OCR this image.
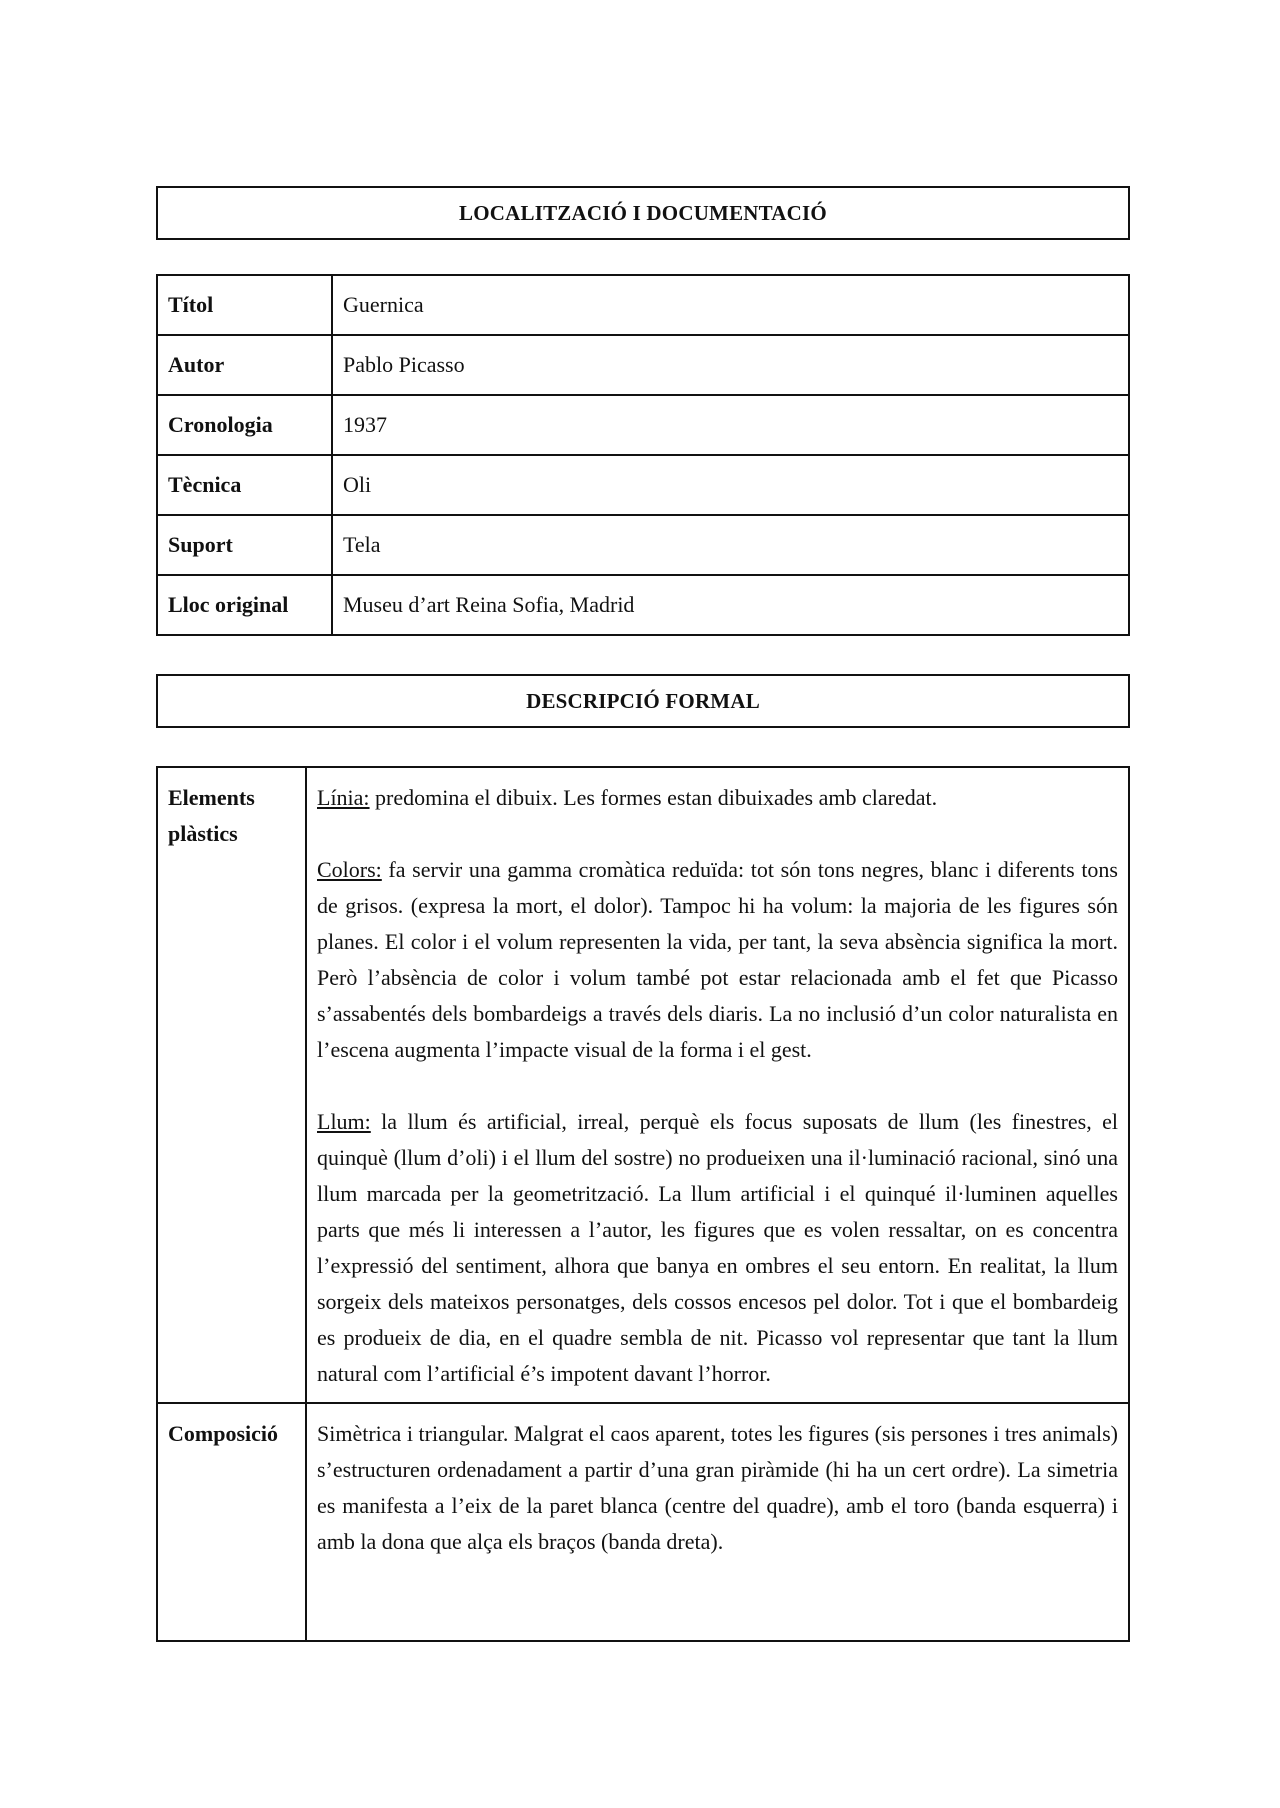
LOCALITZACIÓ I DOCUMENTACIÓ
Títol	Guernica
Autor	Pablo Picasso
Cronologia	1937
Tècnica	Oli
Suport	Tela
Lloc original	Museu d’art Reina Sofia, Madrid
DESCRIPCIÓ FORMAL
Elements plàstics	Línia: predomina el dibuix. Les formes estan dibuixades amb claredat.

Colors: fa servir una gamma cromàtica reduïda: tot són tons negres, blanc i diferents tons de grisos. (expresa la mort, el dolor). Tampoc hi ha volum: la majoria de les figures són planes. El color i el volum representen la vida, per tant, la seva absència significa la mort. Però l’absència de color i volum també pot estar relacionada amb el fet que Picasso s’assabentés dels bombardeigs a través dels diaris. La no inclusió d’un color naturalista en l’escena augmenta l’impacte visual de la forma i el gest.

Llum: la llum és artificial, irreal, perquè els focus suposats de llum (les finestres, el quinquè (llum d’oli) i el llum del sostre) no produeixen una il·luminació racional, sinó una llum marcada per la geometrització. La llum artificial i el quinqué il·luminen aquelles parts que més li interessen a l’autor, les figures que es volen ressaltar, on es concentra l’expressió del sentiment, alhora que banya en ombres el seu entorn. En realitat, la llum sorgeix dels mateixos personatges, dels cossos encesos pel dolor. Tot i que el bombardeig es produeix de dia, en el quadre sembla de nit. Picasso vol representar que tant la llum natural com l’artificial é’s impotent davant l’horror.

Composició	Simètrica i triangular. Malgrat el caos aparent, totes les figures (sis persones i tres animals) s’estructuren ordenadament a partir d’una gran piràmide (hi ha un cert ordre). La simetria es manifesta a l’eix de la paret blanca (centre del quadre), amb el toro (banda esquerra) i amb la dona que alça els braços (banda dreta).
